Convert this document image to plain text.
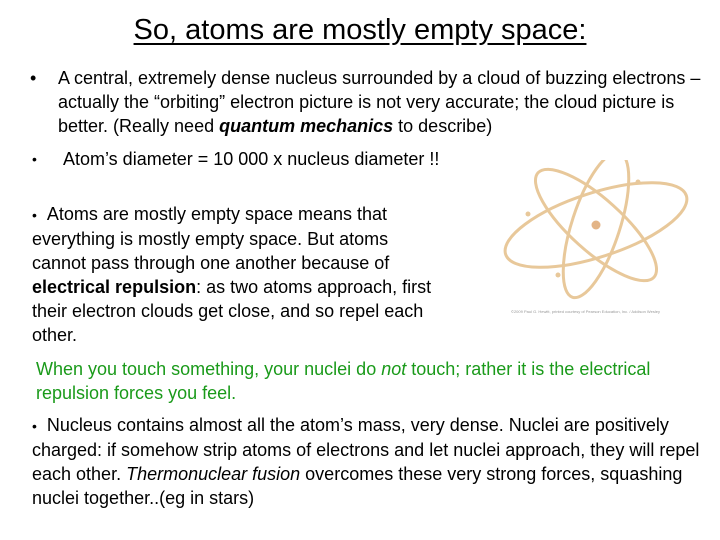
So, atoms are mostly empty space:
• A central, extremely dense nucleus surrounded by a cloud of buzzing electrons – actually the “orbiting” electron picture is not very accurate; the cloud picture is better. (Really need quantum mechanics to describe)
• Atom’s diameter = 10 000 x nucleus diameter !!
• Atoms are mostly empty space means that everything is mostly empty space. But atoms cannot pass through one another because of electrical repulsion: as two atoms approach, first their electron clouds get close, and so repel each other.
When you touch something, your nuclei do not touch; rather it is the electrical repulsion forces you feel.
• Nucleus contains almost all the atom’s mass, very dense. Nuclei are positively charged: if somehow strip atoms of electrons and let nuclei approach, they will repel each other. Thermonuclear fusion overcomes these very strong forces, squashing nuclei together..(eg in stars)
©2009 Paul G. Hewitt, printed courtesy of Pearson Education, Inc. / Addison Wesley
